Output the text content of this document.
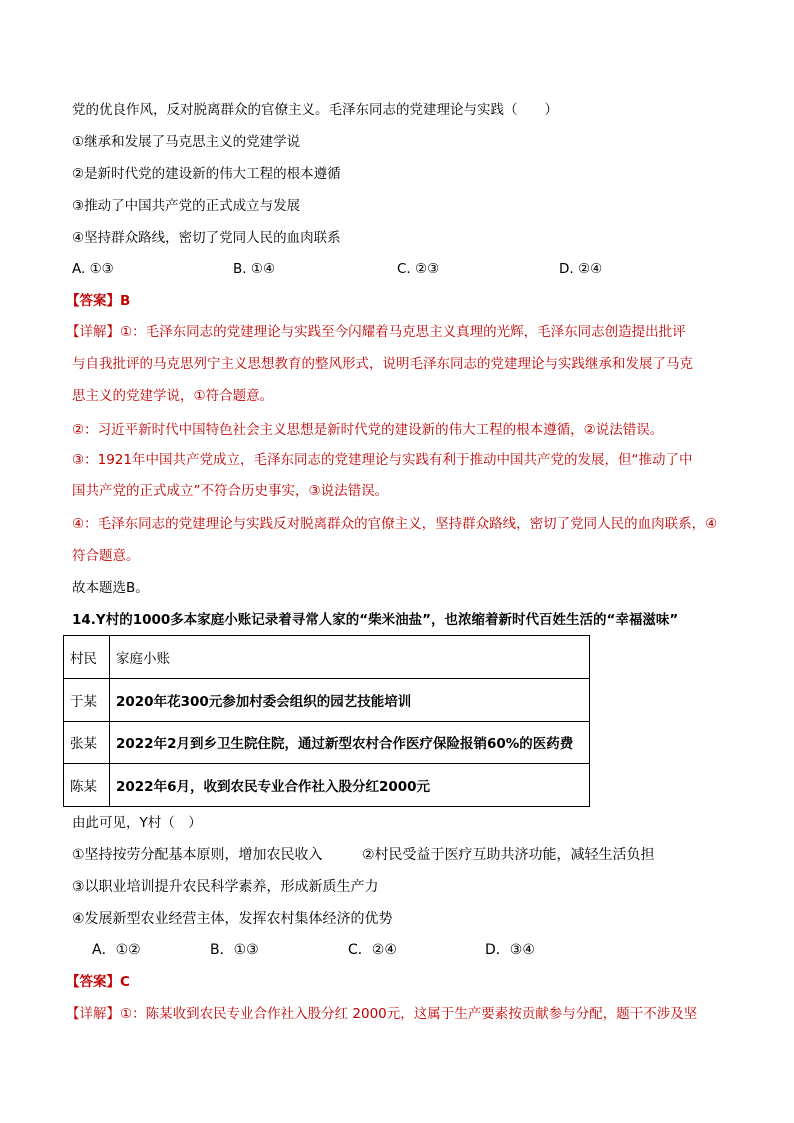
党的优良作风，反对脱离群众的官僚主义。毛泽东同志的党建理论与实践（　　）
①继承和发展了马克思主义的党建学说
②是新时代党的建设新的伟大工程的根本遵循
③推动了中国共产党的正式成立与发展
④坚持群众路线，密切了党同人民的血肉联系
A. ①③	B. ①④	C. ②③	D. ②④
【答案】B
【详解】①：毛泽东同志的党建理论与实践至今闪耀着马克思主义真理的光辉，毛泽东同志创造提出批评
与自我批评的马克思列宁主义思想教育的整风形式，说明毛泽东同志的党建理论与实践继承和发展了马克
思主义的党建学说，①符合题意。
②：习近平新时代中国特色社会主义思想是新时代党的建设新的伟大工程的根本遵循，②说法错误。
③：1921年中国共产党成立，毛泽东同志的党建理论与实践有利于推动中国共产党的发展，但“推动了中
国共产党的正式成立”不符合历史事实，③说法错误。
④：毛泽东同志的党建理论与实践反对脱离群众的官僚主义，坚持群众路线，密切了党同人民的血肉联系，④
符合题意。
故本题选B。
14.Y村的1000多本家庭小账记录着寻常人家的“柴米油盐”，也浓缩着新时代百姓生活的“幸福滋味”
村民	家庭小账
于某	2020年花300元参加村委会组织的园艺技能培训
张某	2022年2月到乡卫生院住院，通过新型农村合作医疗保险报销60%的医药费
陈某	2022年6月，收到农民专业合作社入股分红2000元
由此可见，Y村（　）
①坚持按劳分配基本原则，增加农民收入	②村民受益于医疗互助共济功能，减轻生活负担
③以职业培训提升农民科学素养，形成新质生产力
④发展新型农业经营主体，发挥农村集体经济的优势
A．①②	B．①③	C．②④	D．③④
【答案】C
【详解】①：陈某收到农民专业合作社入股分红 2000元，这属于生产要素按贡献参与分配，题干不涉及坚
